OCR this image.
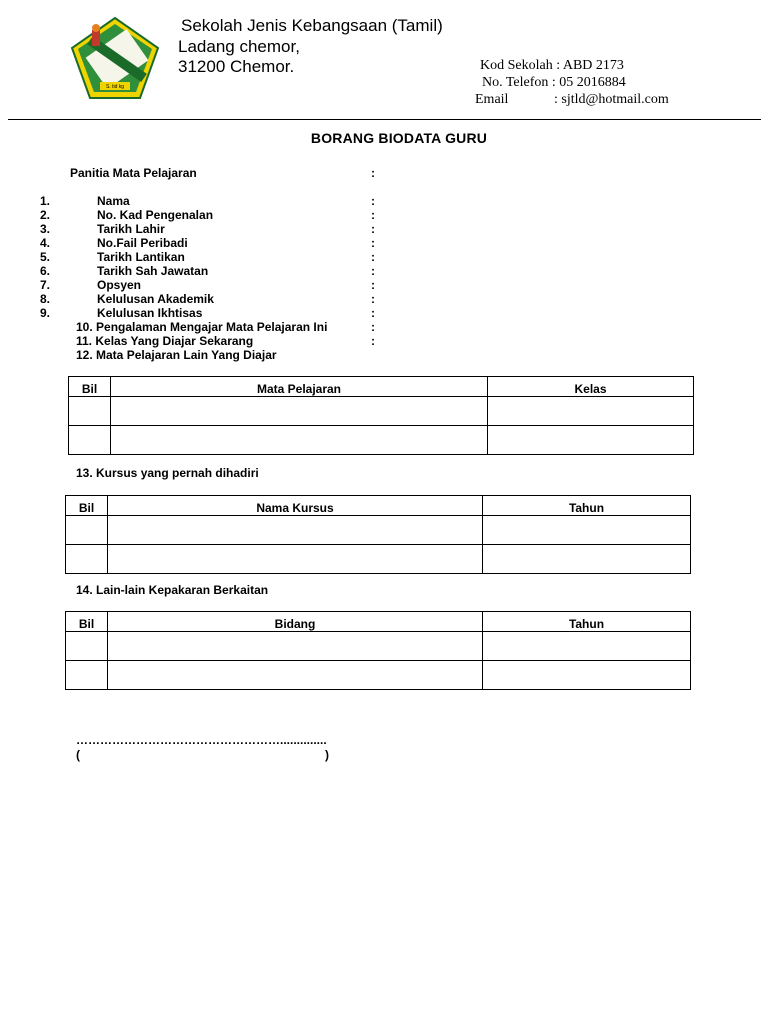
S. tid kg
Sekolah Jenis Kebangsaan (Tamil)
Ladang chemor,
31200 Chemor.	Kod Sekolah : ABD 2173
No. Telefon : 05 2016884
Email	: sjtld@hotmail.com
BORANG BIODATA GURU
Panitia Mata Pelajaran	:
1.	Nama	:
2.	No. Kad Pengenalan	:
3.	Tarikh Lahir	:
4.	No.Fail Peribadi	:
5.	Tarikh Lantikan	:
6.	Tarikh Sah Jawatan	:
7.	Opsyen	:
8.	Kelulusan Akademik	:
9.	Kelulusan Ikhtisas	:
10. Pengalaman Mengajar Mata Pelajaran Ini	:
11. Kelas Yang Diajar Sekarang	:
12. Mata Pelajaran Lain Yang Diajar
Bil	Mata Pelajaran	Kelas

13. Kursus yang pernah dihadiri
Bil	Nama Kursus	Tahun

14. Lain-lain Kepakaran Berkaitan
Bil	Bidang	Tahun

……………………………………………..............
(	)
